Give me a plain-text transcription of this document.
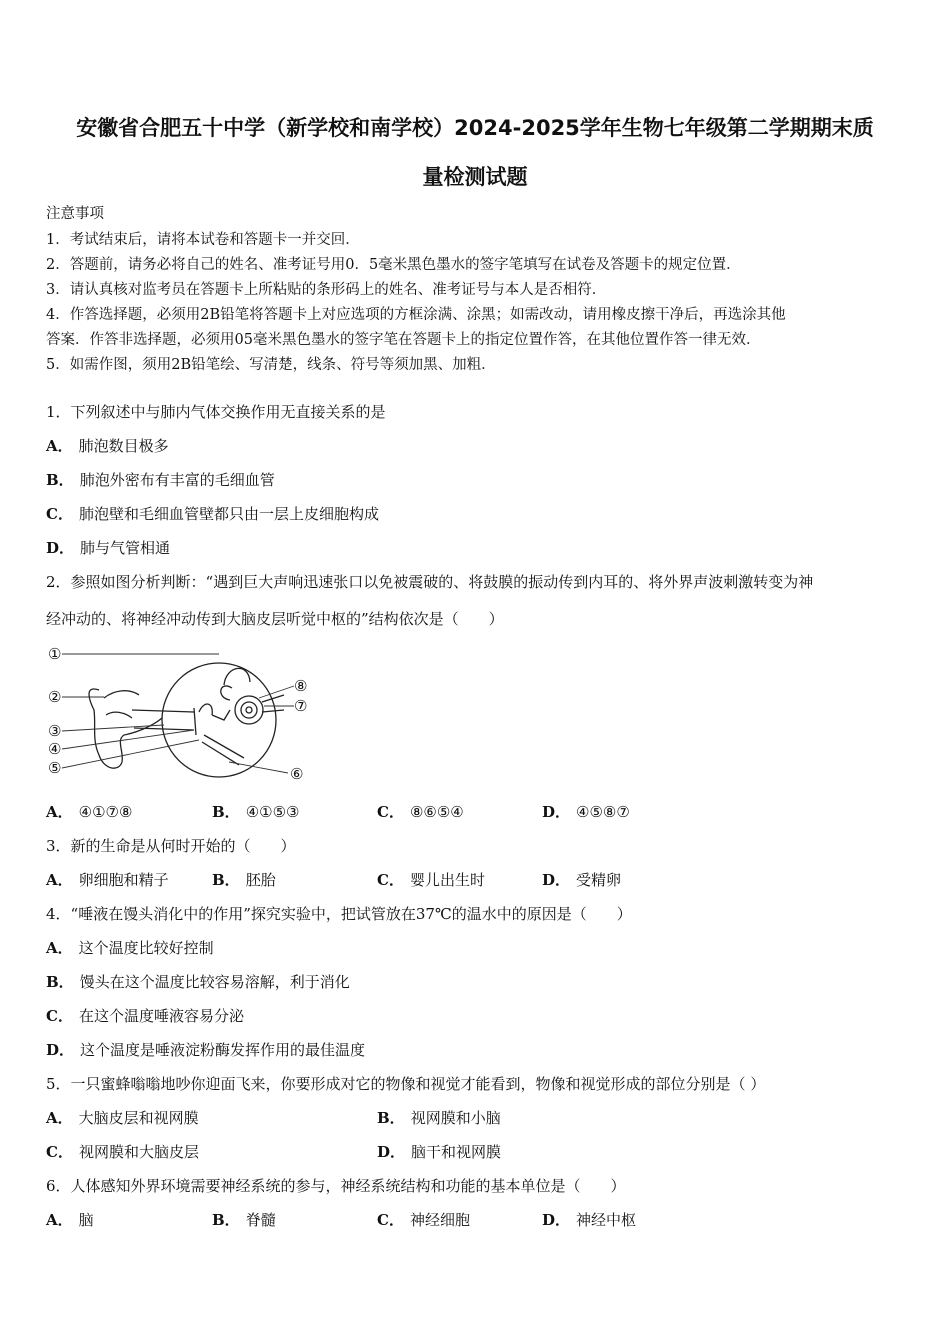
安徽省合肥五十中学（新学校和南学校）2024-2025学年生物七年级第二学期期末质
量检测试题
注意事项
1．考试结束后，请将本试卷和答题卡一并交回．
2．答题前，请务必将自己的姓名、准考证号用0．5毫米黑色墨水的签字笔填写在试卷及答题卡的规定位置．
3．请认真核对监考员在答题卡上所粘贴的条形码上的姓名、准考证号与本人是否相符．
4．作答选择题，必须用2B铅笔将答题卡上对应选项的方框涂满、涂黑；如需改动，请用橡皮擦干净后，再选涂其他
答案．作答非选择题，必须用05毫米黑色墨水的签字笔在答题卡上的指定位置作答，在其他位置作答一律无效．
5．如需作图，须用2B铅笔绘、写清楚，线条、符号等须加黑、加粗．
1．下列叙述中与肺内气体交换作用无直接关系的是
A． 肺泡数目极多
B． 肺泡外密布有丰富的毛细血管
C． 肺泡壁和毛细血管壁都只由一层上皮细胞构成
D． 肺与气管相通
2．参照如图分析判断：“遇到巨大声响迅速张口以免被震破的、将鼓膜的振动传到内耳的、将外界声波刺激转变为神
经冲动的、将神经冲动传到大脑皮层听觉中枢的”结构依次是（　　）
①
②
③
④
⑤	⑥
⑦
⑧
A． ④①⑦⑧	B． ④①⑤③	C． ⑧⑥⑤④	D． ④⑤⑧⑦
3．新的生命是从何时开始的（　　）
A． 卵细胞和精子	B． 胚胎	C． 婴儿出生时	D． 受精卵
4．“唾液在馒头消化中的作用”探究实验中，把试管放在37℃的温水中的原因是（　　）
A． 这个温度比较好控制
B． 馒头在这个温度比较容易溶解，利于消化
C． 在这个温度唾液容易分泌
D． 这个温度是唾液淀粉酶发挥作用的最佳温度
5．一只蜜蜂嗡嗡地吵你迎面飞来，你要形成对它的物像和视觉才能看到，物像和视觉形成的部位分别是（ ）
A． 大脑皮层和视网膜	B． 视网膜和小脑
C． 视网膜和大脑皮层	D． 脑干和视网膜
6．人体感知外界环境需要神经系统的参与，神经系统结构和功能的基本单位是（　　）
A． 脑	B． 脊髓	C． 神经细胞	D． 神经中枢
